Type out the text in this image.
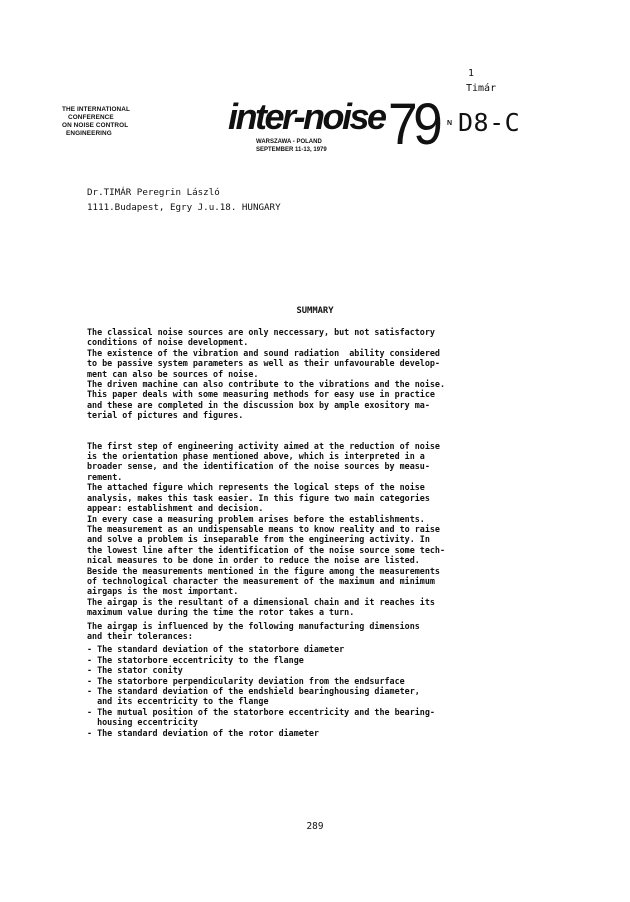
1
Timár
THE INTERNATIONAL
CONFERENCE
ON NOISE CONTROL
ENGINEERING	inter-noise
WARSZAWA - POLAND
SEPTEMBER 11-13, 1979 79 N D8-C
Dr.TIMÁR Peregrin László
1111.Budapest, Egry J.u.18. HUNGARY
SUMMARY
The classical noise sources are only neccessary, but not satisfactory
conditions of noise development.
The existence of the vibration and sound radiation  ability considered
to be passive system parameters as well as their unfavourable develop-
ment can also be sources of noise.
The driven machine can also contribute to the vibrations and the noise.
This paper deals with some measuring methods for easy use in practice
and these are completed in the discussion box by ample exository ma-
terial of pictures and figures.
The first step of engineering activity aimed at the reduction of noise
is the orientation phase mentioned above, which is interpreted in a
broader sense, and the identification of the noise sources by measu-
rement.
The attached figure which represents the logical steps of the noise
analysis, makes this task easier. In this figure two main categories
appear: establishment and decision.
In every case a measuring problem arises before the establishments.
The measurement as an undispensable means to know reality and to raise
and solve a problem is inseparable from the engineering activity. In
the lowest line after the identification of the noise source some tech-
nical measures to be done in order to reduce the noise are listed.
Beside the measurements mentioned in the figure among the measurements
of technological character the measurement of the maximum and minimum
airgaps is the most important.
The airgap is the resultant of a dimensional chain and it reaches its
maximum value during the time the rotor takes a turn.
The airgap is influenced by the following manufacturing dimensions
and their tolerances:
- The standard deviation of the statorbore diameter
- The statorbore eccentricity to the flange
- The stator conity
- The statorbore perpendicularity deviation from the endsurface
- The standard deviation of the endshield bearinghousing diameter,
and its eccentricity to the flange
- The mutual position of the statorbore eccentricity and the bearing-
housing eccentricity
- The standard deviation of the rotor diameter
289
